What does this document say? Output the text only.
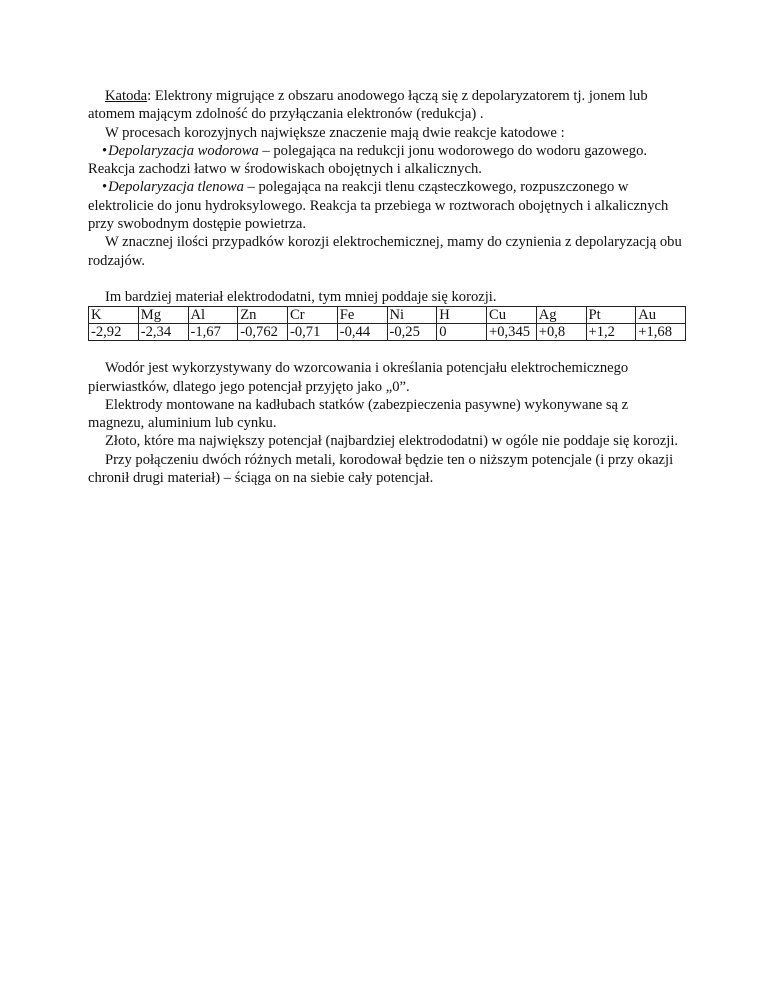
Katoda: Elektrony migrujące z obszaru anodowego łączą się z depolaryzatorem tj. jonem lub atomem mającym zdolność do przyłączania elektronów (redukcja) .

W procesach korozyjnych największe znaczenie mają dwie reakcje katodowe :

•Depolaryzacja wodorowa – polegająca na redukcji jonu wodorowego do wodoru gazowego. Reakcja zachodzi łatwo w środowiskach obojętnych i alkalicznych.

•Depolaryzacja tlenowa – polegająca na reakcji tlenu cząsteczkowego, rozpuszczonego w elektrolicie do jonu hydroksylowego. Reakcja ta przebiega w roztworach obojętnych i alkalicznych przy swobodnym dostępie powietrza.

W znacznej ilości przypadków korozji elektrochemicznej, mamy do czynienia z depolaryzacją obu rodzajów.

Im bardziej materiał elektrododatni, tym mniej poddaje się korozji.

K	Mg	Al	Zn	Cr	Fe	Ni	H	Cu	Ag	Pt	Au
-2,92	-2,34	-1,67	-0,762	-0,71	-0,44	-0,25	0	+0,345	+0,8	+1,2	+1,68

Wodór jest wykorzystywany do wzorcowania i określania potencjału elektrochemicznego pierwiastków, dlatego jego potencjał przyjęto jako „0”.

Elektrody montowane na kadłubach statków (zabezpieczenia pasywne) wykonywane są z magnezu, aluminium lub cynku.

Złoto, które ma największy potencjał (najbardziej elektrododatni) w ogóle nie poddaje się korozji.

Przy połączeniu dwóch różnych metali, korodował będzie ten o niższym potencjale (i przy okazji chronił drugi materiał) – ściąga on na siebie cały potencjał.
